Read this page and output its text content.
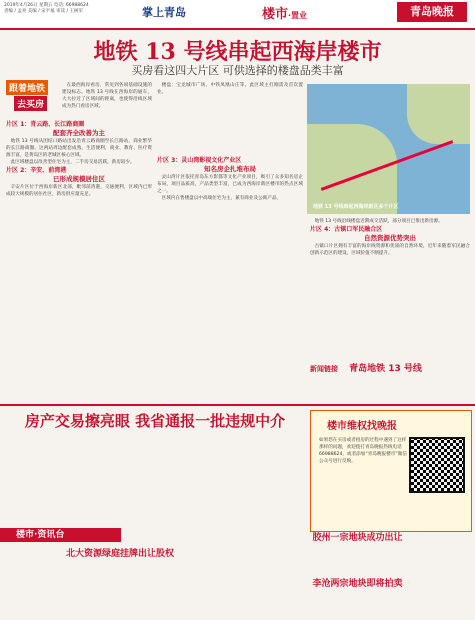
2019年4月26日 星期五 电话: 66988624
责编 / 孟亮 美编 / 宋平福 审读 / 王树军	掌上青岛	楼市·置业	青岛晚报
地铁 13 号线串起西海岸楼市
买房看这四大片区 可供选择的楼盘品类丰富
跟着地铁
去买房

在最西海岸看房，常见到各项基础设施的建设标志。地铁 13 号线在西海岸的通车，大大拉近了区域间的距离，也使得沿线区域成为热门看房区域。

片区 1：青云路、长江路商圈
配套齐全改善为主

地铁 13 号线从团结口路站出发沿青云路商圈至长江路站，商业繁华的长江路商圈。这两站周边配套成熟，生活便利，商业、教育、医疗资源丰富，是黄岛区的老城区核心区域。

此区域楼盘以改善型住宅为主，二手房交易活跃，新房较少。

片区 2：辛安、前湾港
已形成规模居住区

辛安片区位于西海岸新区北部，毗邻前湾港，交通便利，区域内已形成较大规模的居住社区，新房供应量充足。

楼盘：宝龙城市广场、中铁凤凰山庄等。此区域主打刚需及首次置业。

片区 3：灵山湾影视文化产业区
知名房企扎堆布局

灵山湾片区依托青岛东方影都等文化产业项目，吸引了众多知名房企布局，项目品质高，产品类型丰富，已成为西海岸新区楼市的热点区域之一。

区域内在售楼盘以中高端住宅为主，兼有商业及公寓产品。

地铁 13 号线串起西海岸新区多个片区

地铁 13 号线沿线楼盘近期成交活跃，部分项目已推出新房源。

片区 4：古镇口军民融合区
自然资源优势突出

古镇口片区拥有丰富的海岸线资源和优质的自然环境，近年来随着军民融合创新示范区的建设，区域价值不断提升。

新闻链接 青岛地铁 13 号线
房产交易擦亮眼 我省通报一批违规中介	楼市维权找晚报
如果您在买房或者租房的过程中遇到了这样那样的问题，欢迎拨打青岛晚报热线电话 66988624，或者添加“青岛晚报楼市”微信公众号进行反映。
楼市·资讯台	胶州一宗地块成功出让
李沧两宗地块即将拍卖
北大资源绿庭挂牌出让股权
